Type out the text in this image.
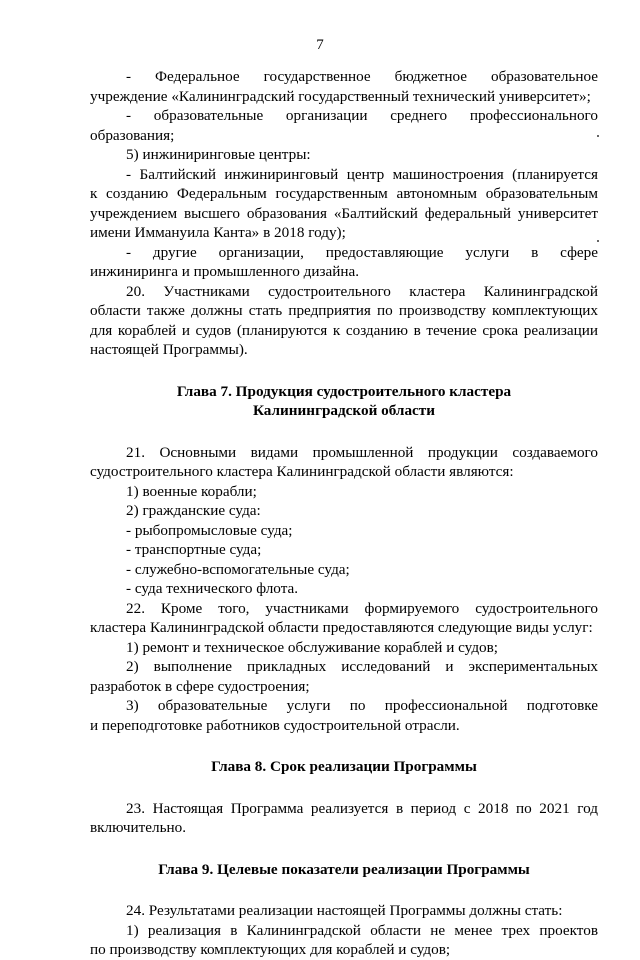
7

- Федеральное государственное бюджетное образовательное
учреждение «Калининградский государственный технический университет»;

- образовательные организации среднего профессионального
образования;

5) инжиниринговые центры:

- Балтийский инжиниринговый центр машиностроения (планируется
к созданию Федеральным государственным автономным образовательным
учреждением высшего образования «Балтийский федеральный университет
имени Иммануила Канта» в 2018 году);

- другие организации, предоставляющие услуги в сфере
инжиниринга и промышленного дизайна.

20. Участниками судостроительного кластера Калининградской
области также должны стать предприятия по производству комплектующих
для кораблей и судов (планируются к созданию в течение срока реализации
настоящей Программы).

Глава 7. Продукция судостроительного кластера

Калининградской области

21. Основными видами промышленной продукции создаваемого
судостроительного кластера Калининградской области являются:

1) военные корабли;

2) гражданские суда:

- рыбопромысловые суда;

- транспортные суда;

- служебно-вспомогательные суда;

- суда технического флота.

22. Кроме того, участниками формируемого судостроительного
кластера Калининградской области предоставляются следующие виды услуг:

1) ремонт и техническое обслуживание кораблей и судов;

2) выполнение прикладных исследований и экспериментальных
разработок в сфере судостроения;

3) образовательные услуги по профессиональной подготовке
и переподготовке работников судостроительной отрасли.

Глава 8. Срок реализации Программы

23. Настоящая Программа реализуется в период с 2018 по 2021 год
включительно.

Глава 9. Целевые показатели реализации Программы

24. Результатами реализации настоящей Программы должны стать:

1) реализация в Калининградской области не менее трех проектов
по производству комплектующих для кораблей и судов;
